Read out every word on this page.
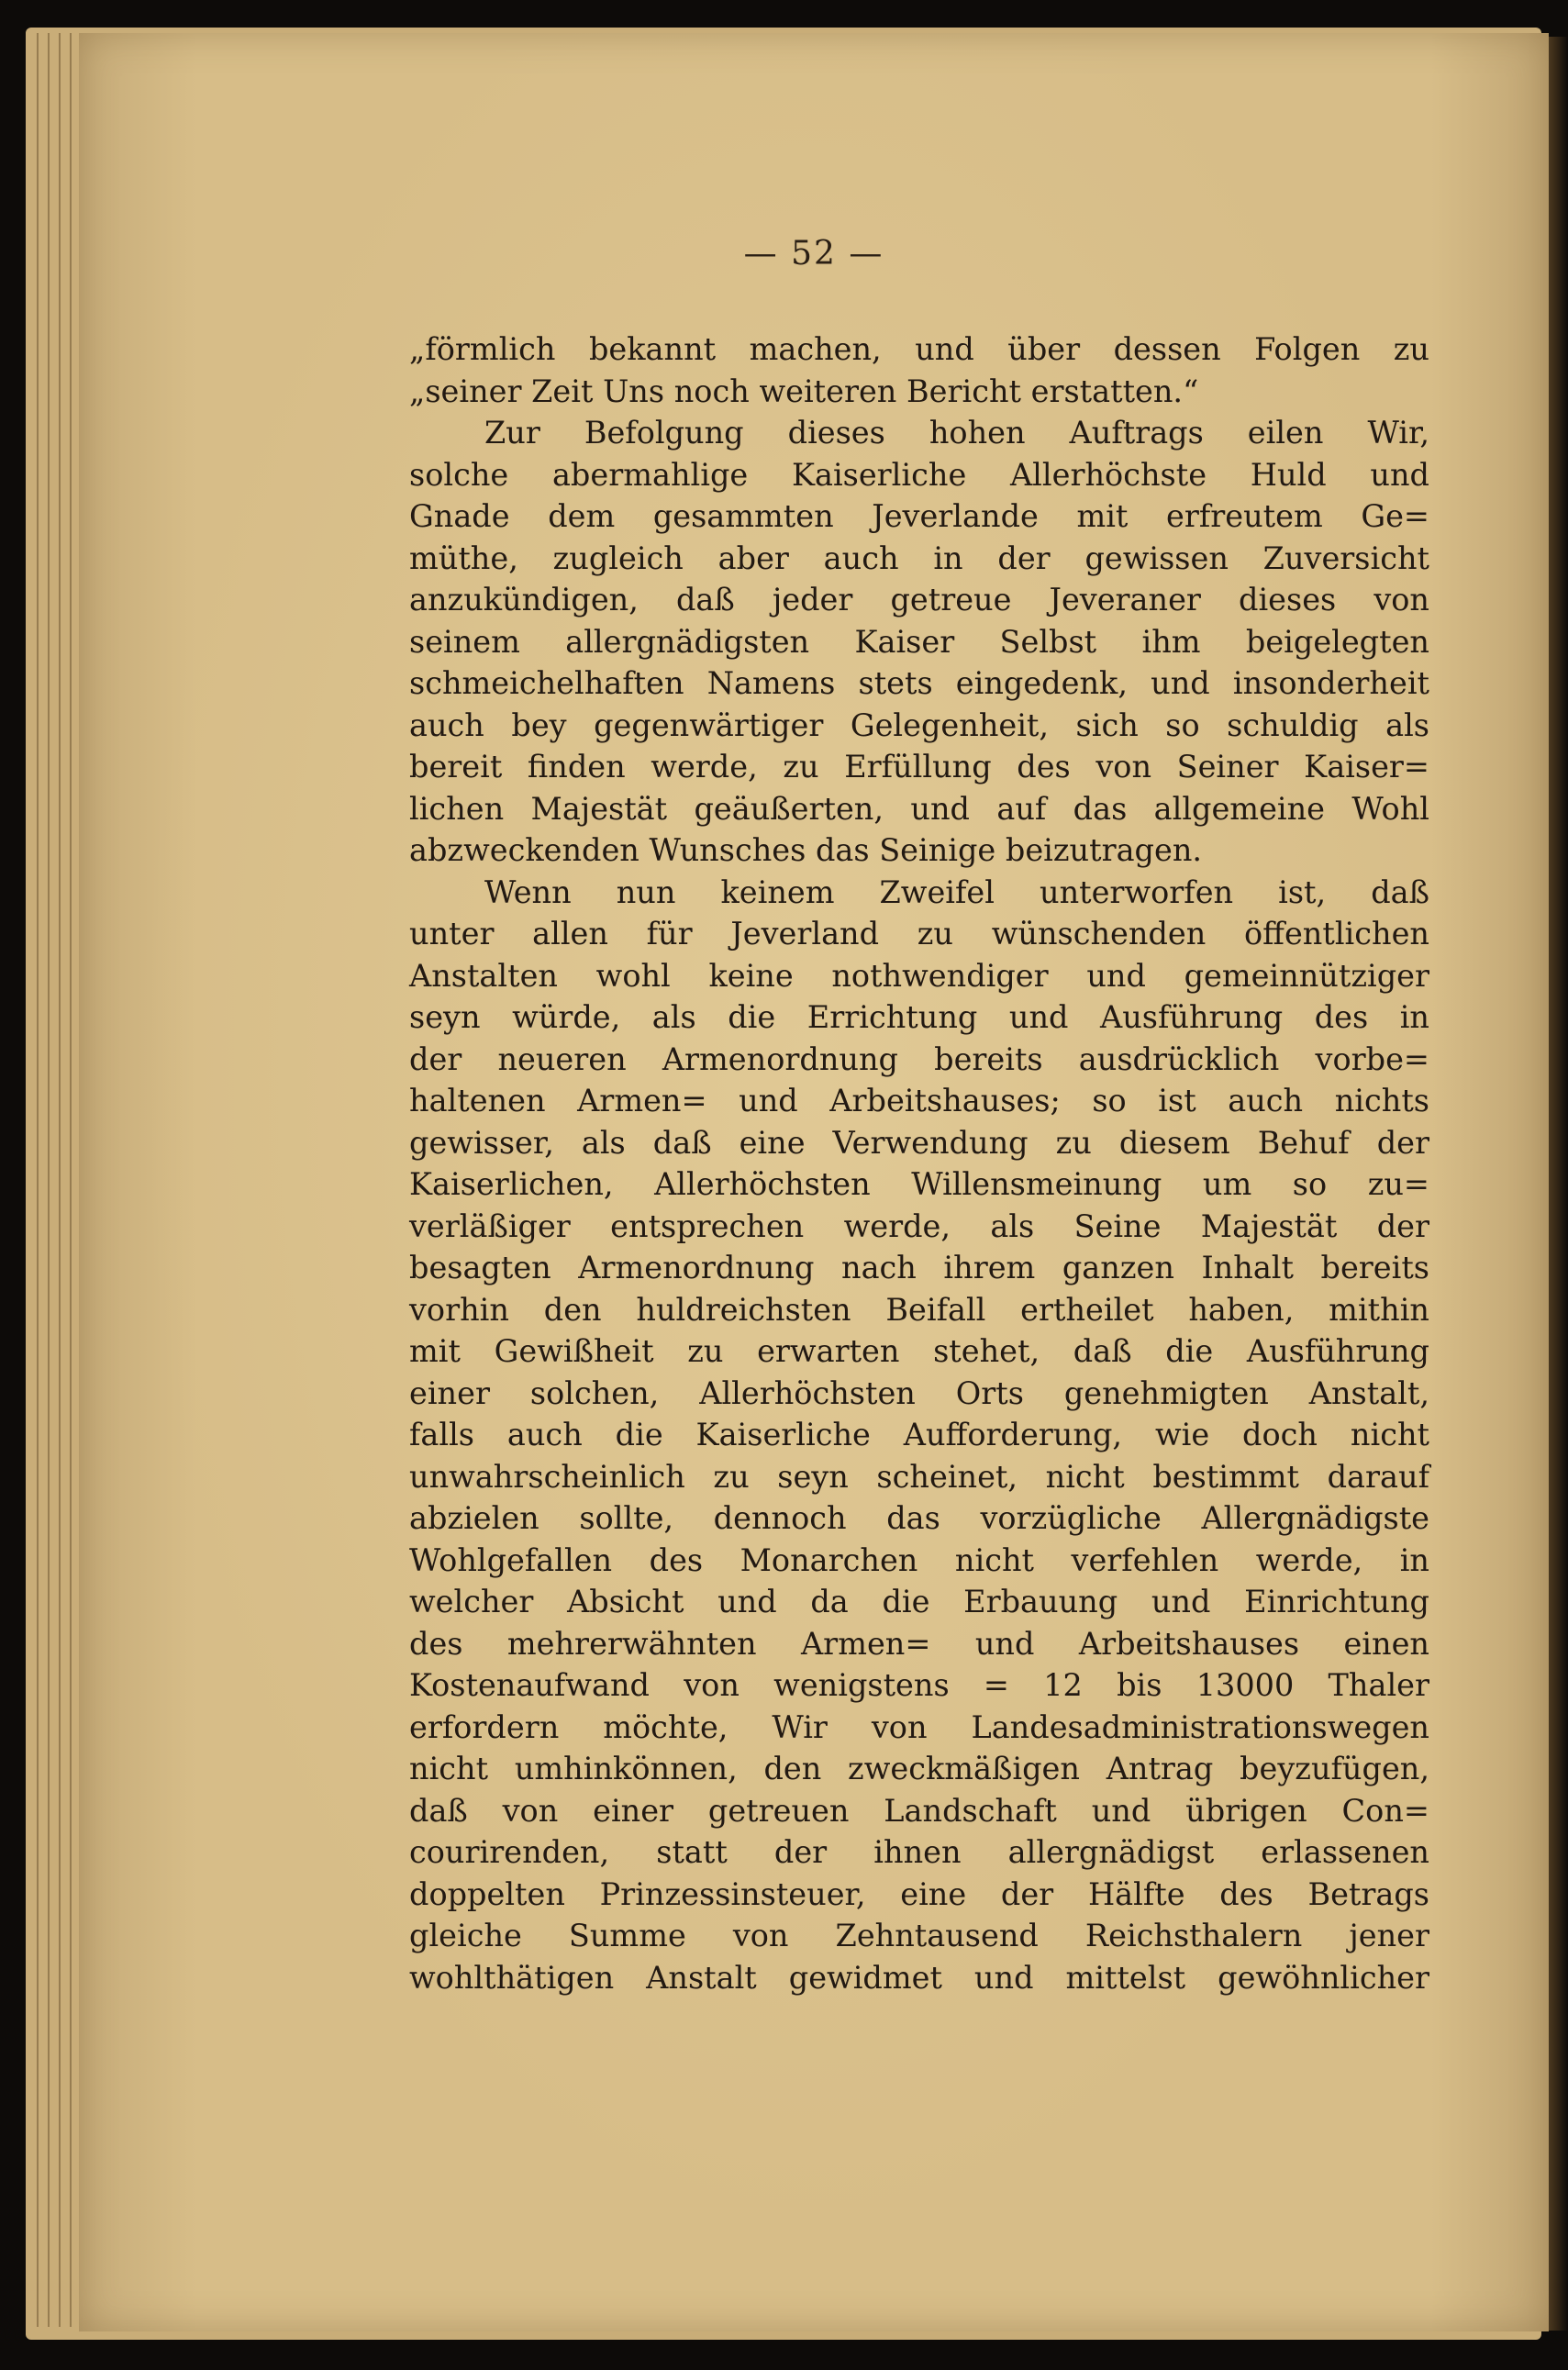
— 52 —
„förmlich bekannt machen, und über dessen Folgen zu
„seiner Zeit Uns noch weiteren Bericht erstatten.“
Zur Befolgung dieses hohen Auftrags eilen Wir,
solche abermahlige Kaiserliche Allerhöchste Huld und
Gnade dem gesammten Jeverlande mit erfreutem Ge=
müthe, zugleich aber auch in der gewissen Zuversicht
anzukündigen, daß jeder getreue Jeveraner dieses von
seinem allergnädigsten Kaiser Selbst ihm beigelegten
schmeichelhaften Namens stets eingedenk, und insonderheit
auch bey gegenwärtiger Gelegenheit, sich so schuldig als
bereit finden werde, zu Erfüllung des von Seiner Kaiser=
lichen Majestät geäußerten, und auf das allgemeine Wohl
abzweckenden Wunsches das Seinige beizutragen.
Wenn nun keinem Zweifel unterworfen ist, daß
unter allen für Jeverland zu wünschenden öffentlichen
Anstalten wohl keine nothwendiger und gemeinnütziger
seyn würde, als die Errichtung und Ausführung des in
der neueren Armenordnung bereits ausdrücklich vorbe=
haltenen Armen= und Arbeitshauses; so ist auch nichts
gewisser, als daß eine Verwendung zu diesem Behuf der
Kaiserlichen, Allerhöchsten Willensmeinung um so zu=
verläßiger entsprechen werde, als Seine Majestät der
besagten Armenordnung nach ihrem ganzen Inhalt bereits
vorhin den huldreichsten Beifall ertheilet haben, mithin
mit Gewißheit zu erwarten stehet, daß die Ausführung
einer solchen, Allerhöchsten Orts genehmigten Anstalt,
falls auch die Kaiserliche Aufforderung, wie doch nicht
unwahrscheinlich zu seyn scheinet, nicht bestimmt darauf
abzielen sollte, dennoch das vorzügliche Allergnädigste
Wohlgefallen des Monarchen nicht verfehlen werde, in
welcher Absicht und da die Erbauung und Einrichtung
des mehrerwähnten Armen= und Arbeitshauses einen
Kostenaufwand von wenigstens = 12 bis 13000 Thaler
erfordern möchte, Wir von Landesadministrationswegen
nicht umhinkönnen, den zweckmäßigen Antrag beyzufügen,
daß von einer getreuen Landschaft und übrigen Con=
courirenden, statt der ihnen allergnädigst erlassenen
doppelten Prinzessinsteuer, eine der Hälfte des Betrags
gleiche Summe von Zehntausend Reichsthalern jener
wohlthätigen Anstalt gewidmet und mittelst gewöhnlicher
